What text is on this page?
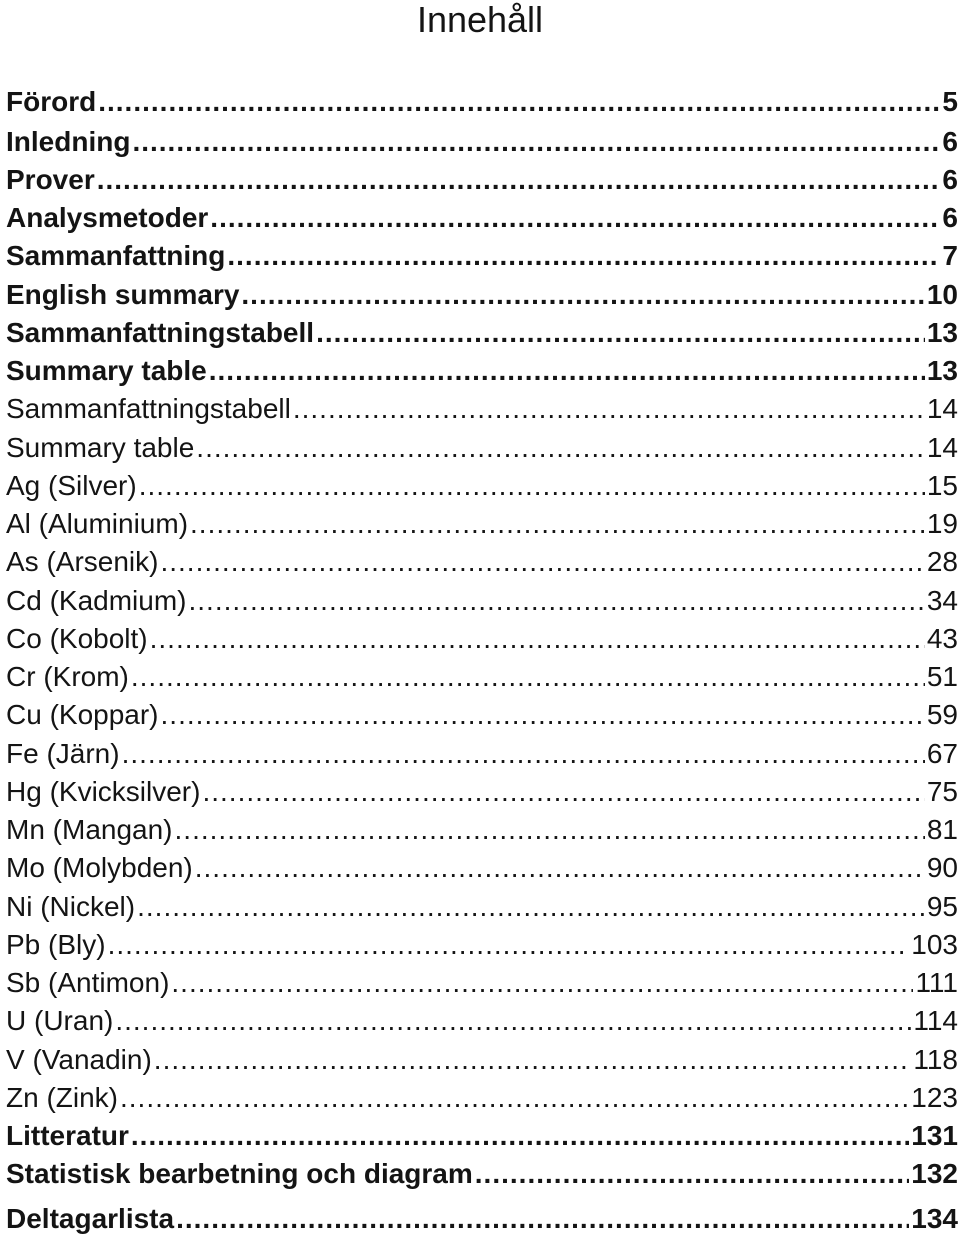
Innehåll
Förord .....	5
Inledning .....	6
Prover .....	6
Analysmetoder .....	6
Sammanfattning .....	7
English summary .....	10
Sammanfattningstabell .....	13
Summary table .....	13
Sammanfattningstabell .....	14
Summary table .....	14
Ag (Silver) .....	15
Al (Aluminium) .....	19
As (Arsenik) .....	28
Cd (Kadmium) .....	34
Co (Kobolt) .....	43
Cr (Krom) .....	51
Cu (Koppar) .....	59
Fe (Järn) .....	67
Hg (Kvicksilver) .....	75
Mn (Mangan) .....	81
Mo (Molybden) .....	90
Ni (Nickel) .....	95
Pb (Bly) .....	103
Sb (Antimon) .....	111
U (Uran) .....	114
V (Vanadin) .....	118
Zn (Zink) .....	123
Litteratur .....	131
Statistisk bearbetning och diagram .....	132
Deltagarlista .....	134
